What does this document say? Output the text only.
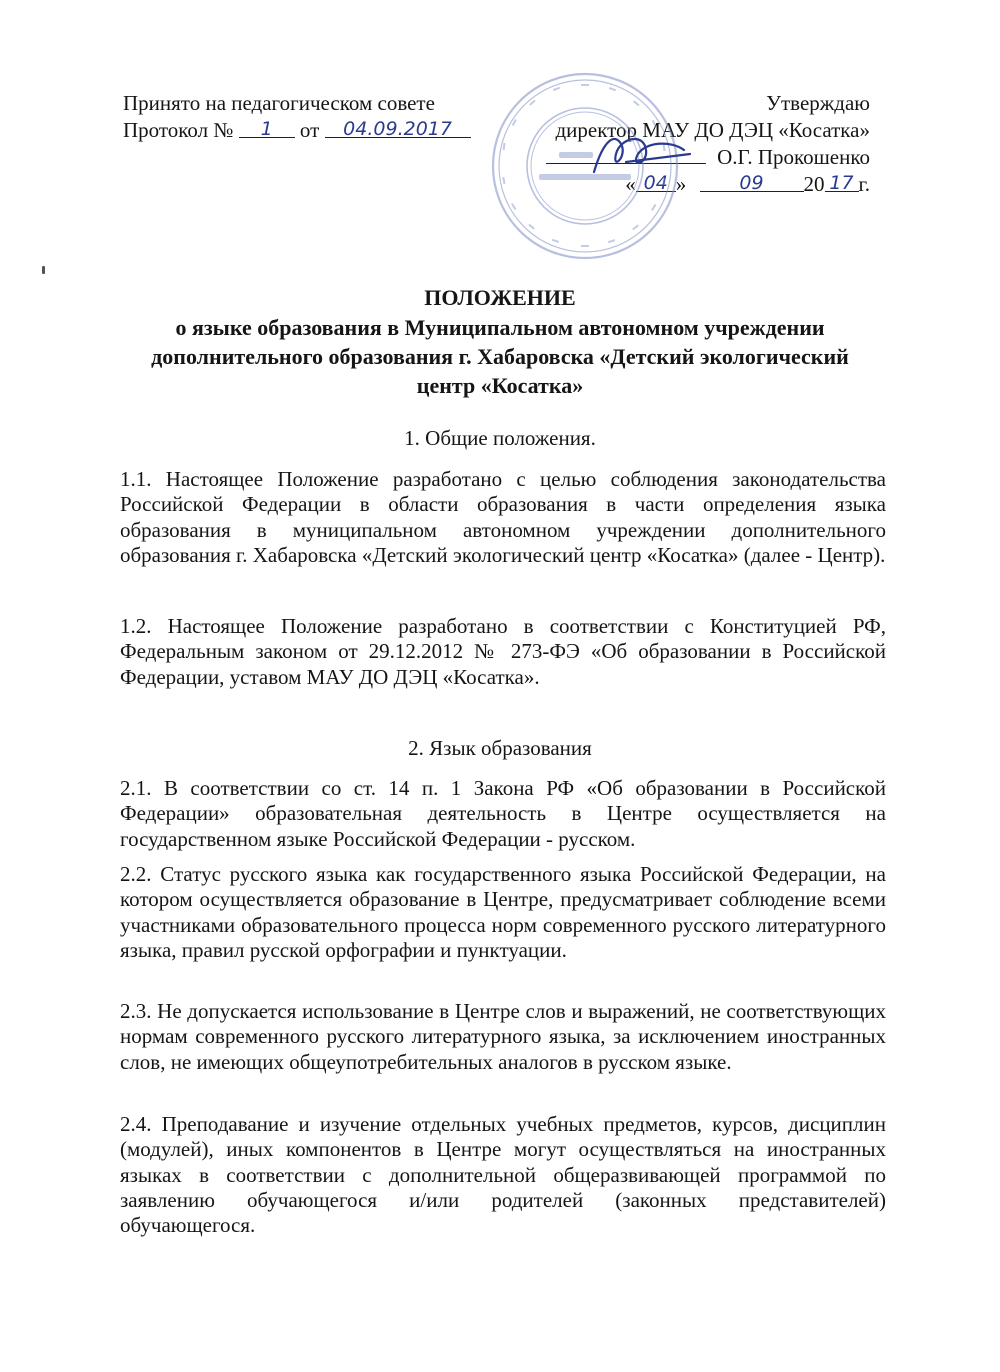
Принято на педагогическом совете
Протокол № 1 от 04.09.2017
Утверждаю
директор МАУ ДО ДЭЦ «Косатка»
О.Г. Прокошенко
« 04 »	09 20 17 г.
ПОЛОЖЕНИЕ
о языке образования в Муниципальном автономном учреждении
дополнительного образования г. Хабаровска «Детский экологический
центр «Косатка»
1. Общие положения.
1.1. Настоящее Положение разработано с целью соблюдения законодательства Российской Федерации в области образования в части определения языка образования в муниципальном автономном учреждении дополнительного образования г. Хабаровска «Детский экологический центр «Косатка» (далее - Центр).
1.2. Настоящее Положение разработано в соответствии с Конституцией РФ, Федеральным законом от 29.12.2012 № 273-ФЭ «Об образовании в Российской Федерации, уставом МАУ ДО ДЭЦ «Косатка».
2. Язык образования
2.1. В соответствии со ст. 14 п. 1 Закона РФ «Об образовании в Российской Федерации» образовательная деятельность в Центре осуществляется на государственном языке Российской Федерации - русском.
2.2. Статус русского языка как государственного языка Российской Федерации, на котором осуществляется образование в Центре, предусматривает соблюдение всеми участниками образовательного процесса норм современного русского литературного языка, правил русской орфографии и пунктуации.
2.3. Не допускается использование в Центре слов и выражений, не соответствующих нормам современного русского литературного языка, за исключением иностранных слов, не имеющих общеупотребительных аналогов в русском языке.
2.4. Преподавание и изучение отдельных учебных предметов, курсов, дисциплин (модулей), иных компонентов в Центре могут осуществляться на иностранных языках в соответствии с дополнительной общеразвивающей программой по заявлению обучающегося и/или родителей (законных представителей) обучающегося.
